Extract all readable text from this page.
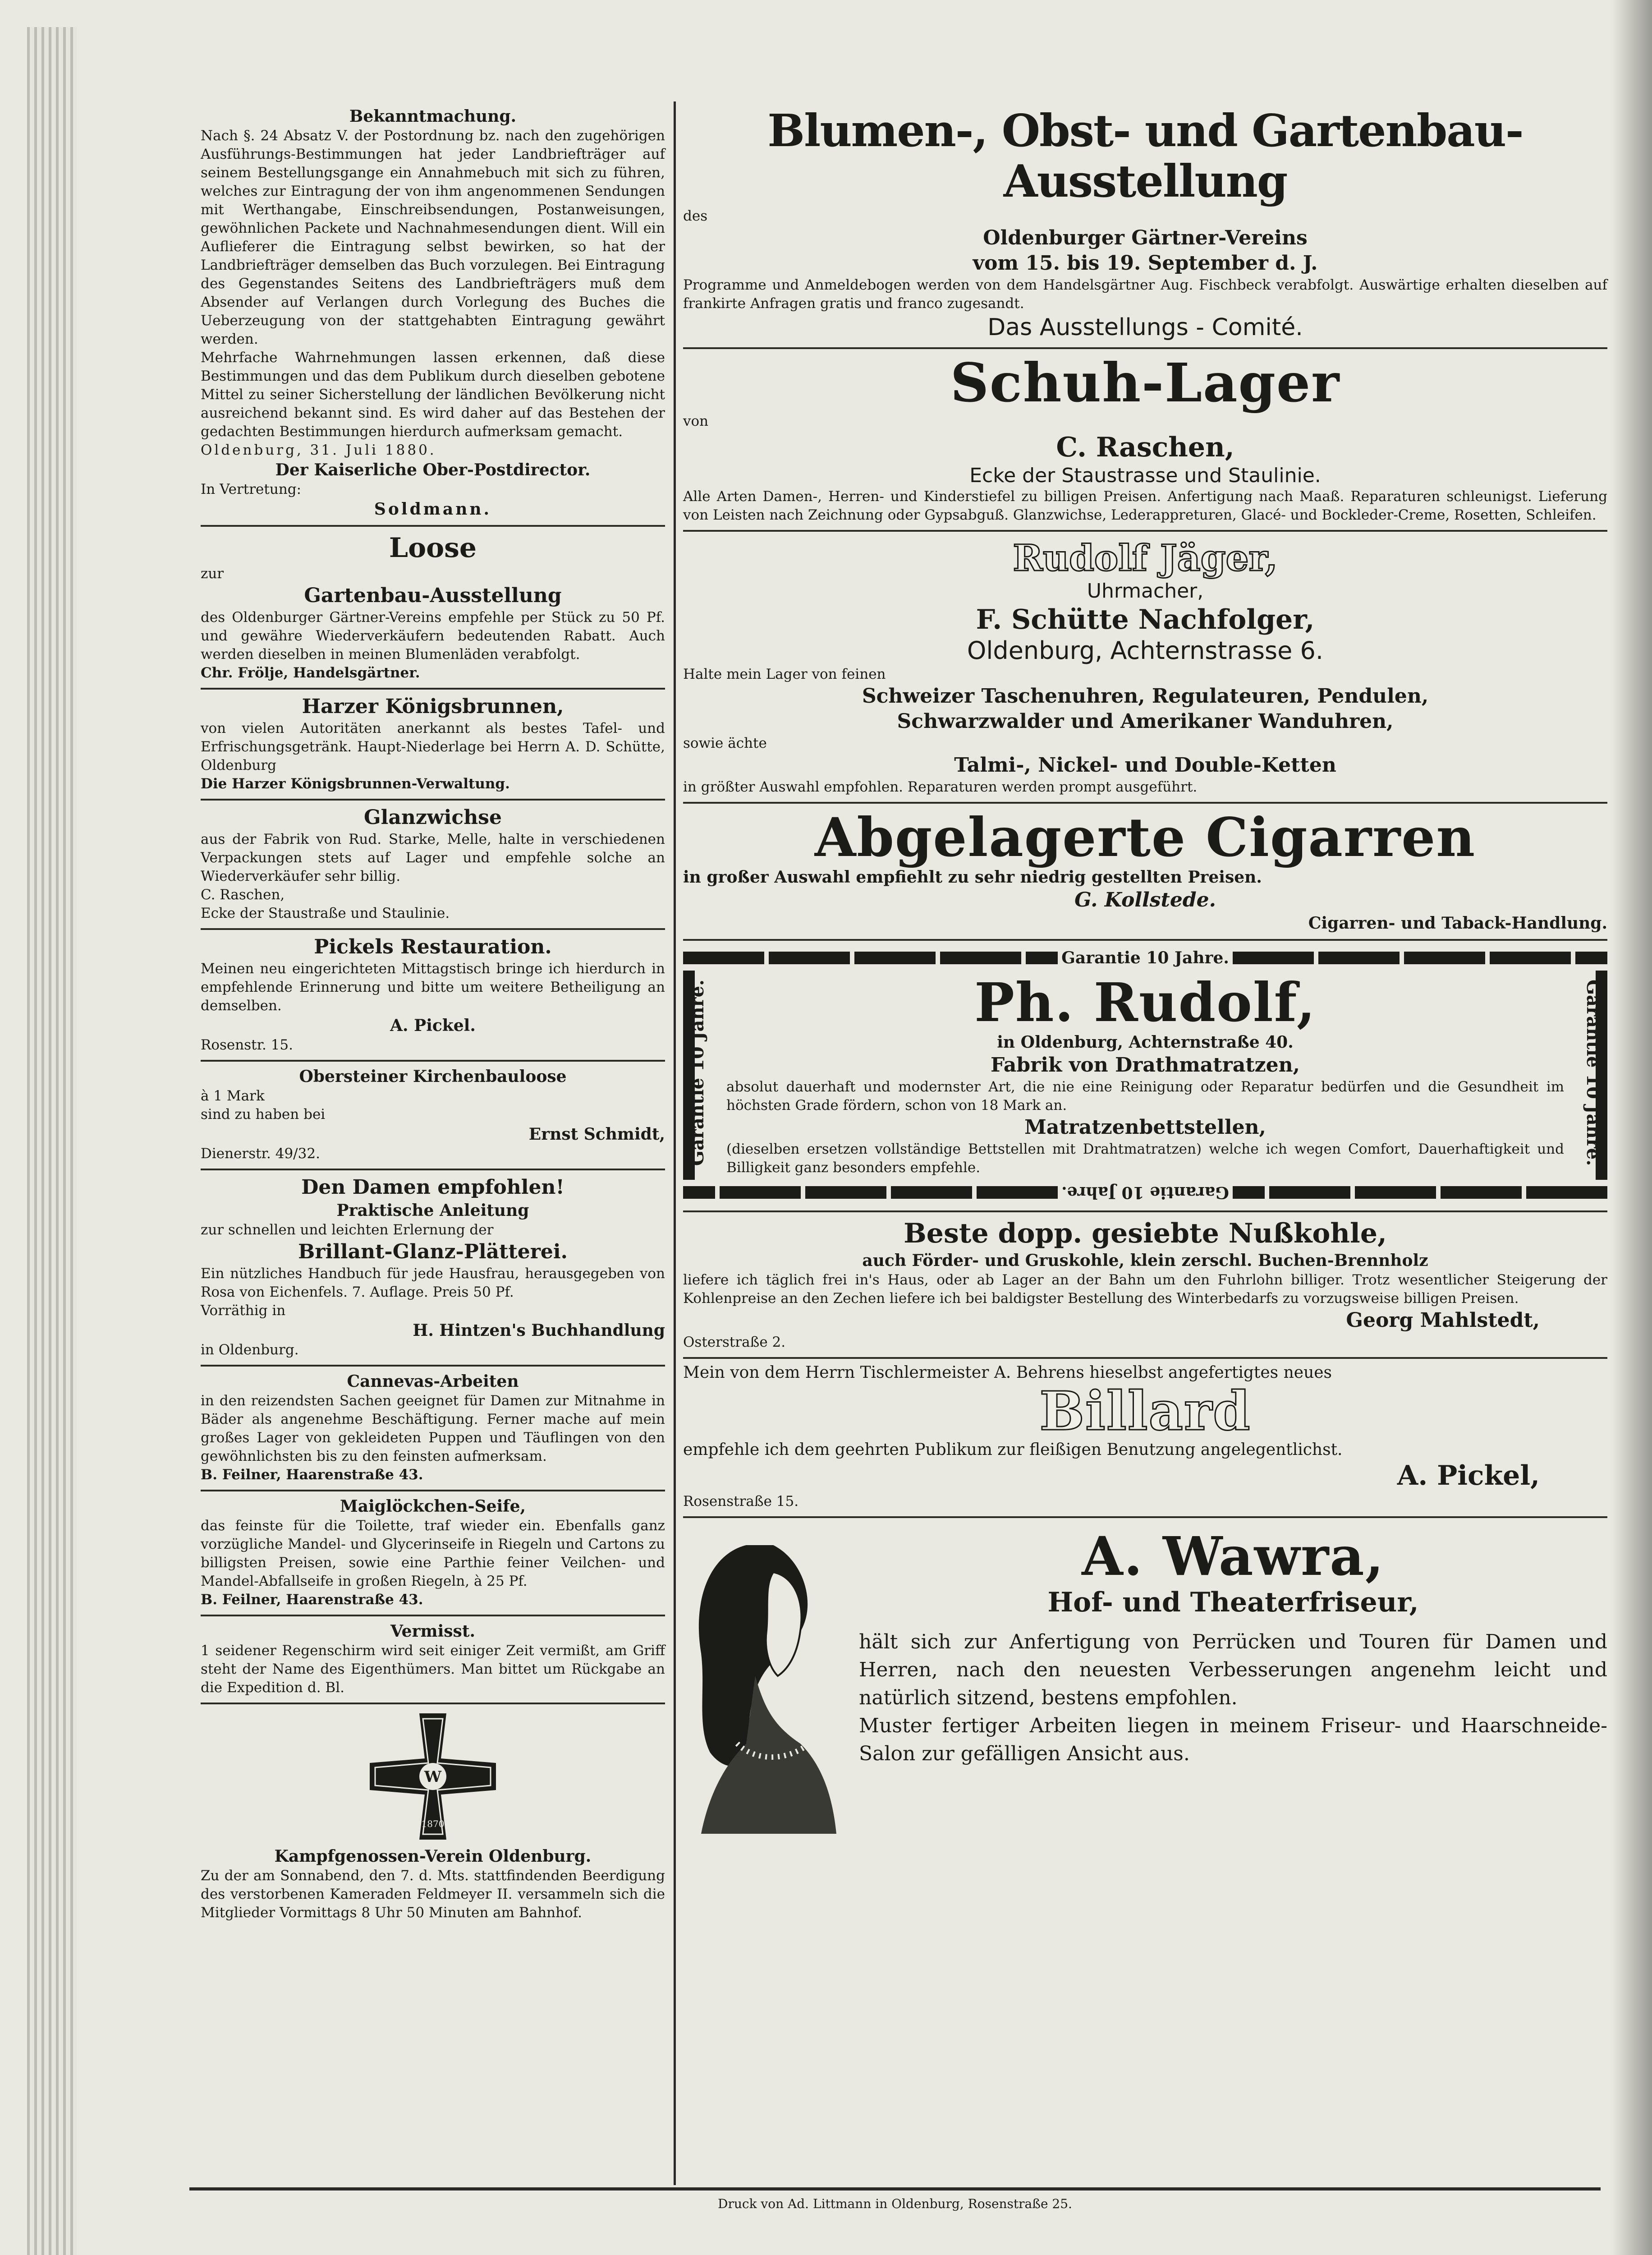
Bekanntmachung.
Nach §. 24 Absatz V. der Postordnung bz. nach den zugehörigen Ausführungs-Bestimmungen hat jeder Landbriefträger auf seinem Bestellungsgange ein Annahmebuch mit sich zu führen, welches zur Eintragung der von ihm angenommenen Sendungen mit Werthangabe, Einschreibsendungen, Postanweisungen, gewöhnlichen Packete und Nachnahmesendungen dient. Will ein Auflieferer die Eintragung selbst bewirken, so hat der Landbriefträger demselben das Buch vorzulegen. Bei Eintragung des Gegenstandes Seitens des Landbriefträgers muß dem Absender auf Verlangen durch Vorlegung des Buches die Ueberzeugung von der stattgehabten Eintragung gewährt werden.
Mehrfache Wahrnehmungen lassen erkennen, daß diese Bestimmungen und das dem Publikum durch dieselben gebotene Mittel zu seiner Sicherstellung der ländlichen Bevölkerung nicht ausreichend bekannt sind. Es wird daher auf das Bestehen der gedachten Bestimmungen hierdurch aufmerksam gemacht.
Oldenburg, 31. Juli 1880.
Der Kaiserliche Ober-Postdirector.
In Vertretung:
Soldmann.
Loose
zur
Gartenbau-Ausstellung
des Oldenburger Gärtner-Vereins empfehle per Stück zu 50 Pf. und gewähre Wiederverkäufern bedeutenden Rabatt. Auch werden dieselben in meinen Blumenläden verabfolgt.
Chr. Frölje, Handelsgärtner.
Harzer Königsbrunnen,
von vielen Autoritäten anerkannt als bestes Tafel- und Erfrischungsgetränk. Haupt-Niederlage bei Herrn A. D. Schütte, Oldenburg
Die Harzer Königsbrunnen-Verwaltung.
Glanzwichse
aus der Fabrik von Rud. Starke, Melle, halte in verschiedenen Verpackungen stets auf Lager und empfehle solche an Wiederverkäufer sehr billig.
C. Raschen,
Ecke der Staustraße und Staulinie.
Pickels Restauration.
Meinen neu eingerichteten Mittagstisch bringe ich hierdurch in empfehlende Erinnerung und bitte um weitere Betheiligung an demselben.
A. Pickel.
Rosenstr. 15.
Obersteiner Kirchenbauloose
à 1 Mark
sind zu haben bei
Ernst Schmidt,
Dienerstr. 49/32.
Den Damen empfohlen!
Praktische Anleitung
zur schnellen und leichten Erlernung der
Brillant-Glanz-Plätterei.
Ein nützliches Handbuch für jede Hausfrau, herausgegeben von Rosa von Eichenfels. 7. Auflage. Preis 50 Pf.
Vorräthig in
H. Hintzen's Buchhandlung
in Oldenburg.
Cannevas-Arbeiten
in den reizendsten Sachen geeignet für Damen zur Mitnahme in Bäder als angenehme Beschäftigung. Ferner mache auf mein großes Lager von gekleideten Puppen und Täuflingen von den gewöhnlichsten bis zu den feinsten aufmerksam.
B. Feilner, Haarenstraße 43.
Maiglöckchen-Seife,
das feinste für die Toilette, traf wieder ein. Ebenfalls ganz vorzügliche Mandel- und Glycerinseife in Riegeln und Cartons zu billigsten Preisen, sowie eine Parthie feiner Veilchen- und Mandel-Abfallseife in großen Riegeln, à 25 Pf.
B. Feilner, Haarenstraße 43.
Vermisst.
1 seidener Regenschirm wird seit einiger Zeit vermißt, am Griff steht der Name des Eigenthümers. Man bittet um Rückgabe an die Expedition d. Bl.
W
1870
Kampfgenossen-Verein Oldenburg.
Zu der am Sonnabend, den 7. d. Mts. stattfindenden Beerdigung des verstorbenen Kameraden Feldmeyer II. versammeln sich die Mitglieder Vormittags 8 Uhr 50 Minuten am Bahnhof.
Blumen-, Obst- und Gartenbau-Ausstellung
des
Oldenburger Gärtner-Vereins
vom 15. bis 19. September d. J.
Programme und Anmeldebogen werden von dem Handelsgärtner Aug. Fischbeck verabfolgt. Auswärtige erhalten dieselben auf frankirte Anfragen gratis und franco zugesandt.
Das Ausstellungs - Comité.
Schuh-Lager
von
C. Raschen,
Ecke der Staustrasse und Staulinie.
Alle Arten Damen-, Herren- und Kinderstiefel zu billigen Preisen. Anfertigung nach Maaß. Reparaturen schleunigst. Lieferung von Leisten nach Zeichnung oder Gypsabguß. Glanzwichse, Lederappreturen, Glacé- und Bockleder-Creme, Rosetten, Schleifen.
Rudolf Jäger,
Uhrmacher,
F. Schütte Nachfolger,
Oldenburg, Achternstrasse 6.
Halte mein Lager von feinen
Schweizer Taschenuhren, Regulateuren, Pendulen,
Schwarzwalder und Amerikaner Wanduhren,
sowie ächte
Talmi-, Nickel- und Double-Ketten
in größter Auswahl empfohlen. Reparaturen werden prompt ausgeführt.
Abgelagerte Cigarren
in großer Auswahl empfiehlt zu sehr niedrig gestellten Preisen.
G. Kollstede.
Cigarren- und Taback-Handlung.
Garantie 10 Jahre.
Garantie 10 Jahre.	Garantie 10 Jahre.
Ph. Rudolf,
in Oldenburg, Achternstraße 40.
Fabrik von Drathmatratzen,
absolut dauerhaft und modernster Art, die nie eine Reinigung oder Reparatur bedürfen und die Gesundheit im höchsten Grade fördern, schon von 18 Mark an.
Matratzenbettstellen,
(dieselben ersetzen vollständige Bettstellen mit Drahtmatratzen) welche ich wegen Comfort, Dauerhaftigkeit und Billigkeit ganz besonders empfehle.
Garantie 10 Jahre.
Beste dopp. gesiebte Nußkohle,
auch Förder- und Gruskohle, klein zerschl. Buchen-Brennholz
liefere ich täglich frei in's Haus, oder ab Lager an der Bahn um den Fuhrlohn billiger. Trotz wesentlicher Steigerung der Kohlenpreise an den Zechen liefere ich bei baldigster Bestellung des Winterbedarfs zu vorzugsweise billigen Preisen.
Georg Mahlstedt,
Osterstraße 2.
Mein von dem Herrn Tischlermeister A. Behrens hieselbst angefertigtes neues
Billard
empfehle ich dem geehrten Publikum zur fleißigen Benutzung angelegentlichst.
A. Pickel,
Rosenstraße 15.
A. Wawra,
Hof- und Theaterfriseur,
hält sich zur Anfertigung von Perrücken und Touren für Damen und Herren, nach den neuesten Verbesserungen angenehm leicht und natürlich sitzend, bestens empfohlen.
Muster fertiger Arbeiten liegen in meinem Friseur- und Haarschneide-Salon zur gefälligen Ansicht aus.
Druck von Ad. Littmann in Oldenburg, Rosenstraße 25.
